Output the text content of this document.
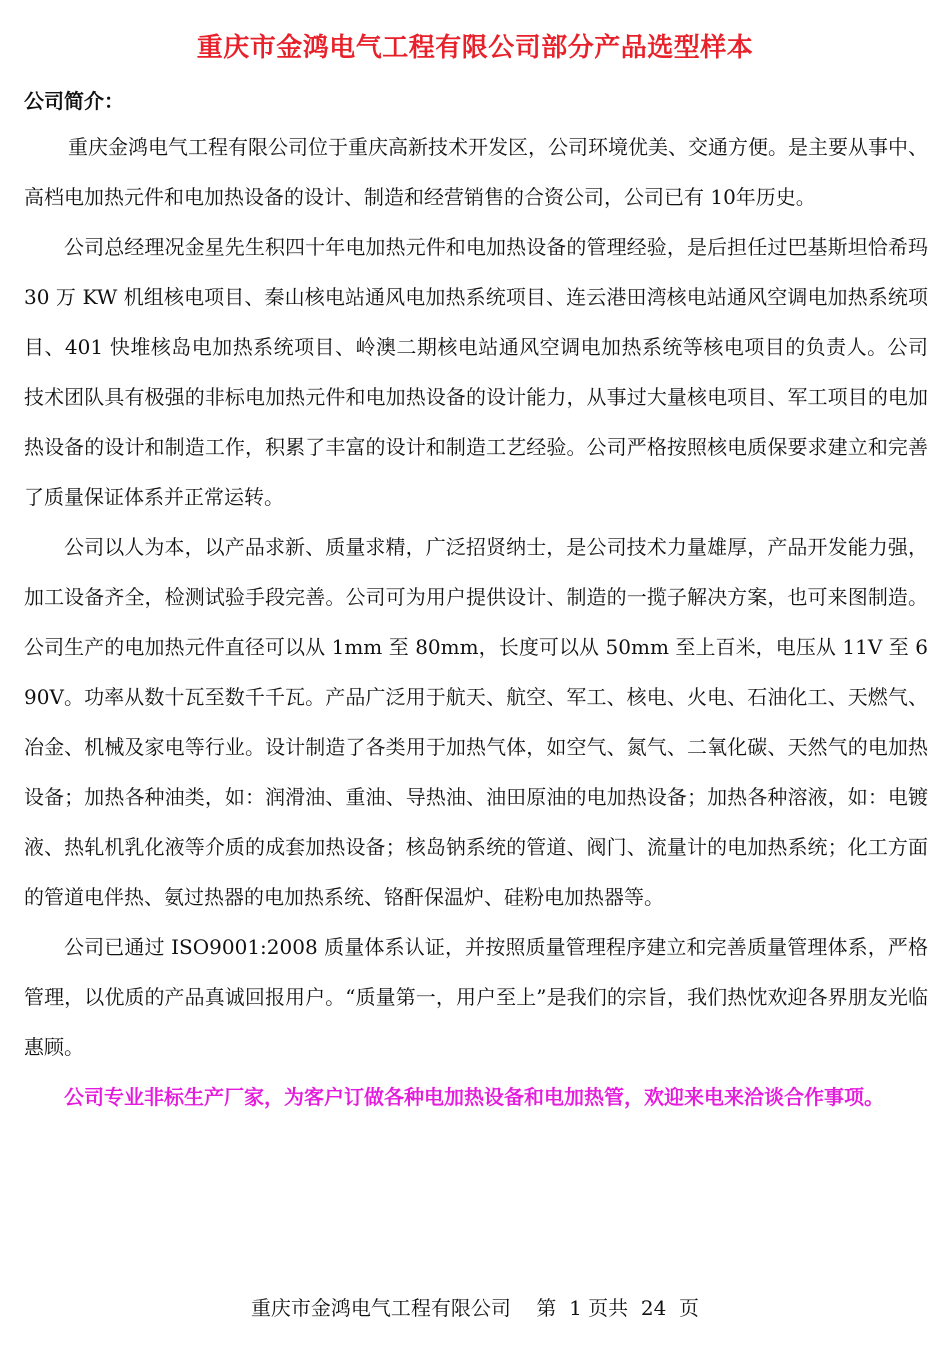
重庆市金鸿电气工程有限公司部分产品选型样本
公司简介：

重庆金鸿电气工程有限公司位于重庆高新技术开发区，公司环境优美、交通方便。是主要从事中、高档电加热元件和电加热设备的设计、制造和经营销售的合资公司，公司已有 10年历史。

公司总经理况金星先生积四十年电加热元件和电加热设备的管理经验，是后担任过巴基斯坦恰希玛 30 万 KW 机组核电项目、秦山核电站通风电加热系统项目、连云港田湾核电站通风空调电加热系统项目、401 快堆核岛电加热系统项目、岭澳二期核电站通风空调电加热系统等核电项目的负责人。公司技术团队具有极强的非标电加热元件和电加热设备的设计能力，从事过大量核电项目、军工项目的电加热设备的设计和制造工作，积累了丰富的设计和制造工艺经验。公司严格按照核电质保要求建立和完善了质量保证体系并正常运转。

公司以人为本，以产品求新、质量求精，广泛招贤纳士，是公司技术力量雄厚，产品开发能力强，加工设备齐全，检测试验手段完善。公司可为用户提供设计、制造的一揽子解决方案，也可来图制造。公司生产的电加热元件直径可以从 1mm 至 80mm，长度可以从 50mm 至上百米，电压从 11V 至 690V。功率从数十瓦至数千千瓦。产品广泛用于航天、航空、军工、核电、火电、石油化工、天燃气、冶金、机械及家电等行业。设计制造了各类用于加热气体，如空气、氮气、二氧化碳、天然气的电加热设备；加热各种油类，如：润滑油、重油、导热油、油田原油的电加热设备；加热各种溶液，如：电镀液、热轧机乳化液等介质的成套加热设备；核岛钠系统的管道、阀门、流量计的电加热系统；化工方面的管道电伴热、氨过热器的电加热系统、铬酐保温炉、硅粉电加热器等。

公司已通过 ISO9001:2008 质量体系认证，并按照质量管理程序建立和完善质量管理体系，严格管理，以优质的产品真诚回报用户。“质量第一，用户至上”是我们的宗旨，我们热忱欢迎各界朋友光临惠顾。

公司专业非标生产厂家，为客户订做各种电加热设备和电加热管，欢迎来电来洽谈合作事项。

重庆市金鸿电气工程有限公司 第  1 页共  24  页
